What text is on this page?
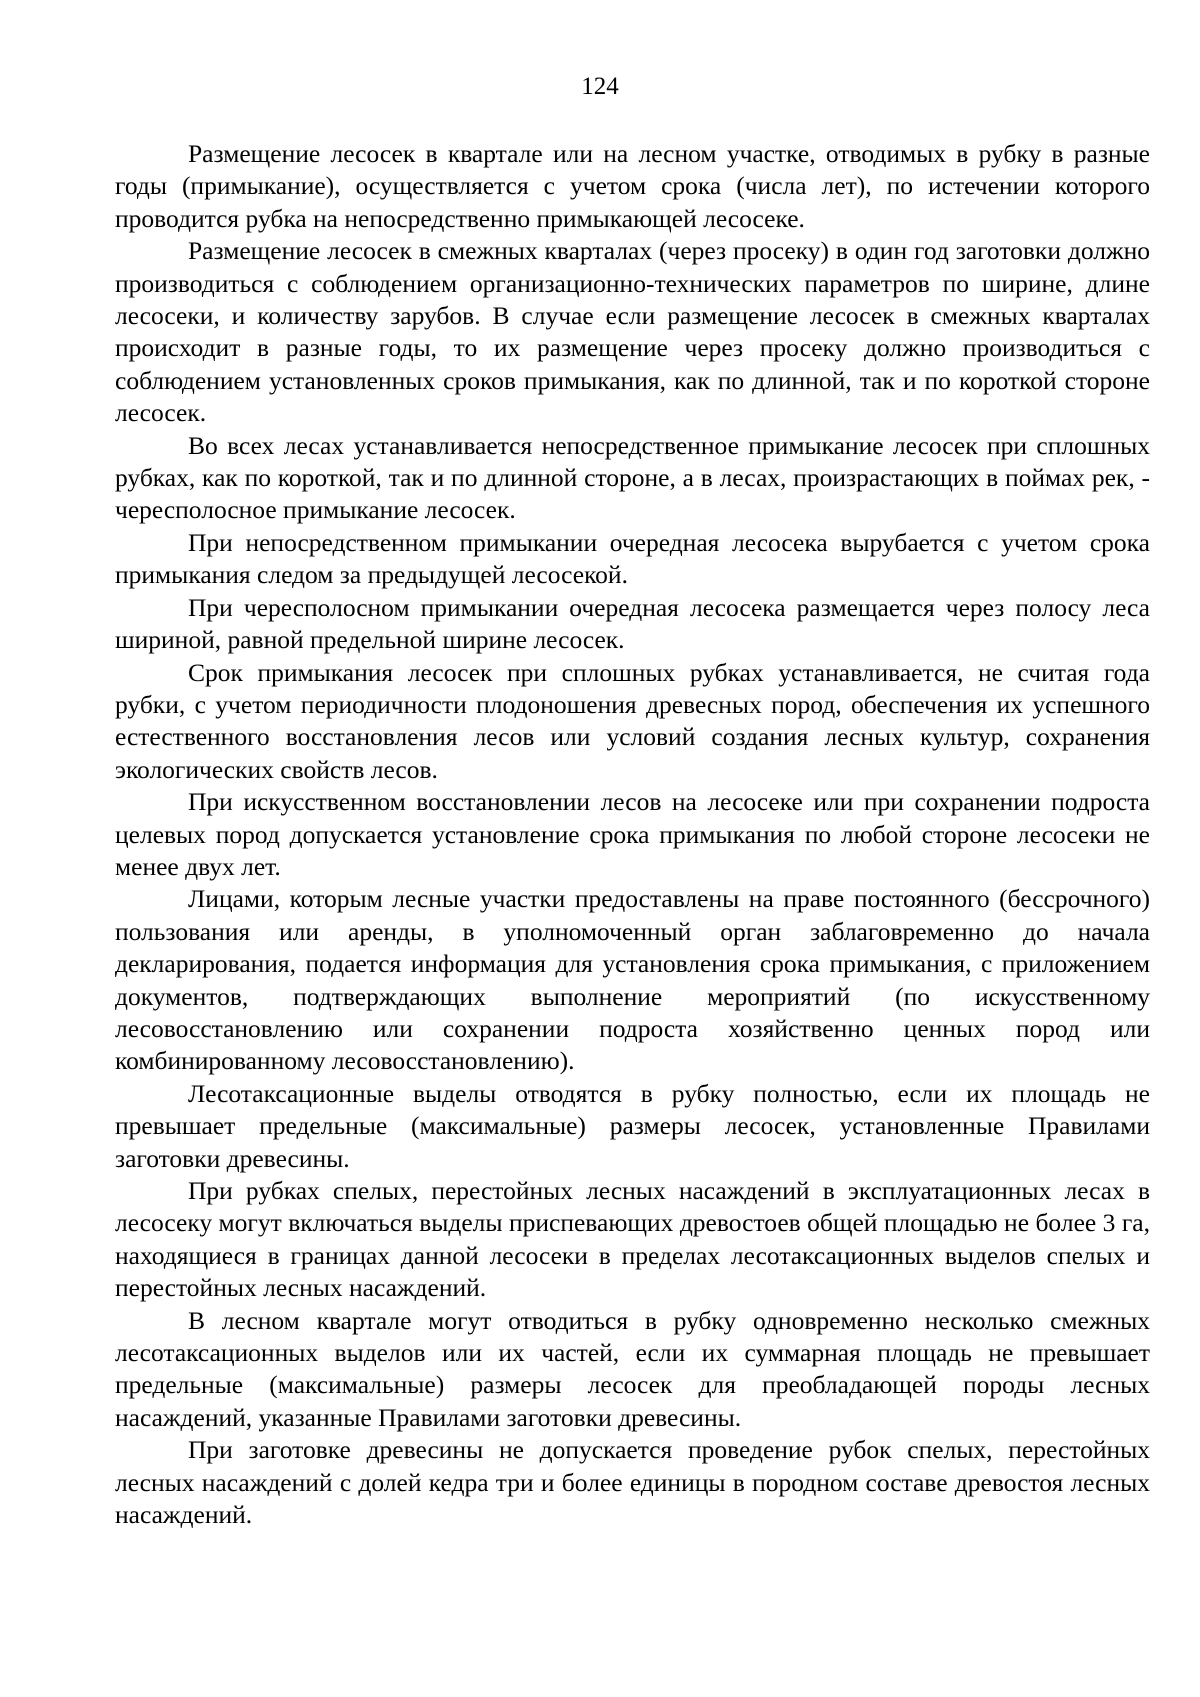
124

Размещение лесосек в квартале или на лесном участке, отводимых в рубку в разные годы (примыкание), осуществляется с учетом срока (числа лет), по истечении которого проводится рубка на непосредственно примыкающей лесосеке.

Размещение лесосек в смежных кварталах (через просеку) в один год заготовки должно производиться с соблюдением организационно-технических параметров по ширине, длине лесосеки, и количеству зарубов. В случае если размещение лесосек в смежных кварталах происходит в разные годы, то их размещение через просеку должно производиться с соблюдением установленных сроков примыкания, как по длинной, так и по короткой стороне лесосек.

Во всех лесах устанавливается непосредственное примыкание лесосек при сплошных рубках, как по короткой, так и по длинной стороне, а в лесах, произрастающих в поймах рек, - чересполосное примыкание лесосек.

При непосредственном примыкании очередная лесосека вырубается с учетом срока примыкания следом за предыдущей лесосекой.

При чересполосном примыкании очередная лесосека размещается через полосу леса шириной, равной предельной ширине лесосек.

Срок примыкания лесосек при сплошных рубках устанавливается, не считая года рубки, с учетом периодичности плодоношения древесных пород, обеспечения их успешного естественного восстановления лесов или условий создания лесных культур, сохранения экологических свойств лесов.

При искусственном восстановлении лесов на лесосеке или при сохранении подроста целевых пород допускается установление срока примыкания по любой стороне лесосеки не менее двух лет.

Лицами, которым лесные участки предоставлены на праве постоянного (бессрочного) пользования или аренды, в уполномоченный орган заблаговременно до начала декларирования, подается информация для установления срока примыкания, с приложением документов, подтверждающих выполнение мероприятий (по искусственному лесовосстановлению или сохранении подроста хозяйственно ценных пород или комбинированному лесовосстановлению).

Лесотаксационные выделы отводятся в рубку полностью, если их площадь не превышает предельные (максимальные) размеры лесосек, установленные Правилами заготовки древесины.

При рубках спелых, перестойных лесных насаждений в эксплуатационных лесах в лесосеку могут включаться выделы приспевающих древостоев общей площадью не более 3 га, находящиеся в границах данной лесосеки в пределах лесотаксационных выделов спелых и перестойных лесных насаждений.

В лесном квартале могут отводиться в рубку одновременно несколько смежных лесотаксационных выделов или их частей, если их суммарная площадь не превышает предельные (максимальные) размеры лесосек для преобладающей породы лесных насаждений, указанные Правилами заготовки древесины.

При заготовке древесины не допускается проведение рубок спелых, перестойных лесных насаждений с долей кедра три и более единицы в породном составе древостоя лесных насаждений.
